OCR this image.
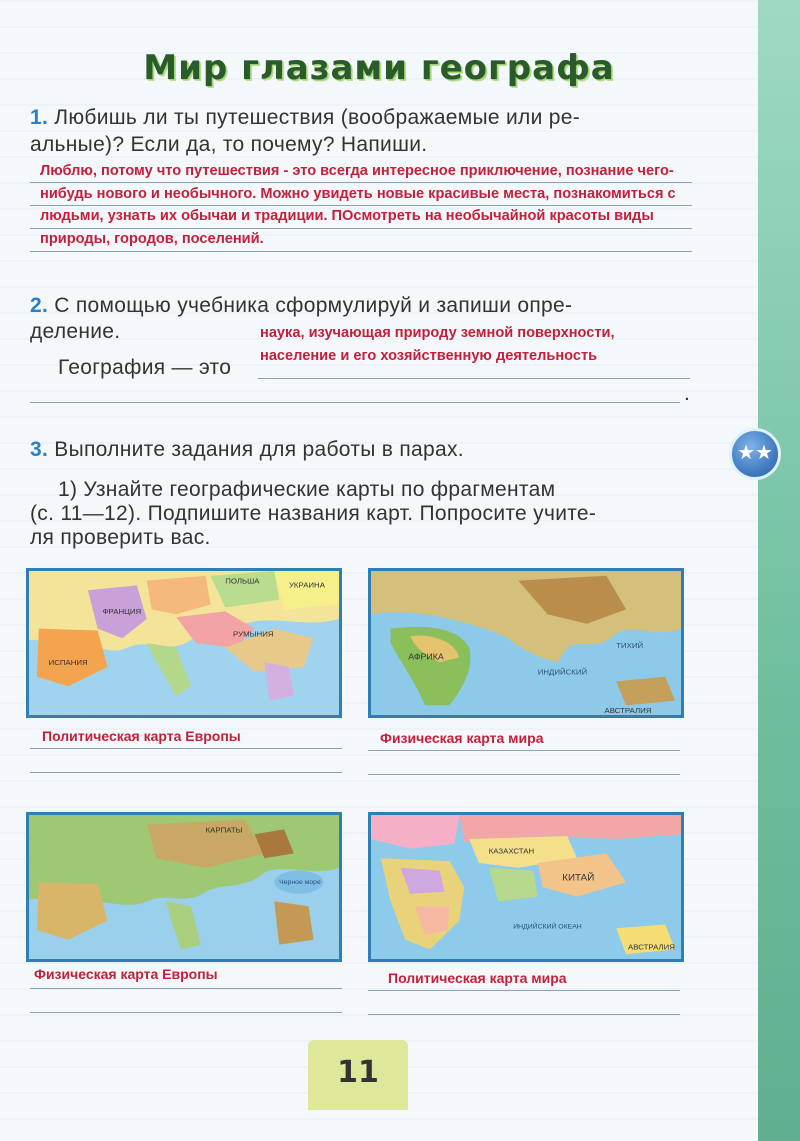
Мир глазами географа
1. Любишь ли ты путешествия (воображаемые или ре-
альные)? Если да, то почему? Напиши.
Люблю, потому что путешествия - это всегда интересное приключение, познание чего-
нибудь нового и необычного. Можно увидеть новые красивые места, познакомиться с
людьми, узнать их обычаи и традиции. ПОсмотреть на необычайной красоты виды
природы, городов, поселений.
2. С помощью учебника сформулируй и запиши опре-
деление.	наука, изучающая природу земной поверхности,
население и его хозяйственную деятельность
География — это
.
★★
3. Выполните задания для работы в парах.
1) Узнайте географические карты по фрагментам
(с. 11—12). Подпишите названия карт. Попросите учите-
ля проверить вас.
ПОЛЬША	УКРАИНА
ФРАНЦИЯ
ИСПАНИЯ
РУМЫНИЯ
Политическая карта Европы
АФРИКА
ТИХИЙ
ИНДИЙСКИЙ
АВСТРАЛИЯ
Физическая карта мира
КАРПАТЫ
Черное море
Физическая карта Европы
КАЗАХСТАН
КИТАЙ
ИНДИЙСКИЙ ОКЕАН
АВСТРАЛИЯ
Политическая карта мира
11
